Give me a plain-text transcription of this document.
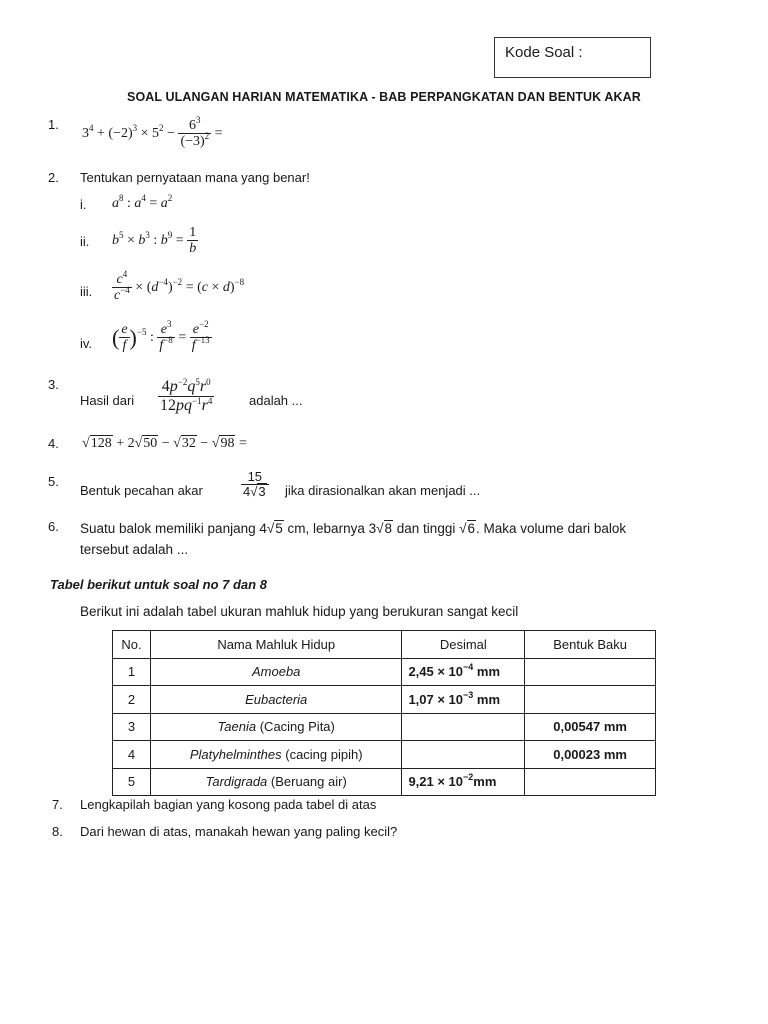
Kode Soal :
SOAL ULANGAN HARIAN MATEMATIKA - BAB PERPANGKATAN DAN BENTUK AKAR
1.
$3^4 + (-2)^3 \times 5^2 - \frac{6^3}{(-3)^2}$ =
2. Tentukan pernyataan mana yang benar!
i. $a^8$ : $a^4 = a^2$
ii. $b^5 \times b^3$ : $b^9 = \frac{1}{b}$
iii. $\frac{c^4}{c^{-4}} \times (d^{-4})^{-2} = (c \times d)^{-8}$
iv. ( $\frac{e}{f} )^{-5}$ : $\frac{e^3}{f^{-8}} = \frac{e^{-2}}{f^{-13}}$
3.
Hasil dari $\frac{4p^{-2}q^5r^0}{12pq^{-1}r^4}$	adalah ...
4. √128 + 2√50 − √32 − √98 =
5.
Bentuk pecahan akar	$\frac{15}{4√3}$ jika dirasionalkan akan menjadi ...
6. Suatu balok memiliki panjang 4√5 cm, lebarnya 3√8 dan tinggi √6. Maka volume dari balok
tersebut adalah ...
Tabel berikut untuk soal no 7 dan 8
Berikut ini adalah tabel ukuran mahluk hidup yang berukuran sangat kecil
No.	Nama Mahluk Hidup	Desimal	Bentuk Baku
1	Amoeba	$2,45 \times 10^{-4}$ mm	
2	Eubacteria	$1,07 \times 10^{-3}$ mm	
3	Taenia (Cacing Pita)		0,00547 mm
4	Platyhelminthes (cacing pipih)		0,00023 mm
5	Tardigrada (Beruang air)	$9,21 \times 10^{-2}mm$	
7. Lengkapilah bagian yang kosong pada tabel di atas
8. Dari hewan di atas, manakah hewan yang paling kecil?
